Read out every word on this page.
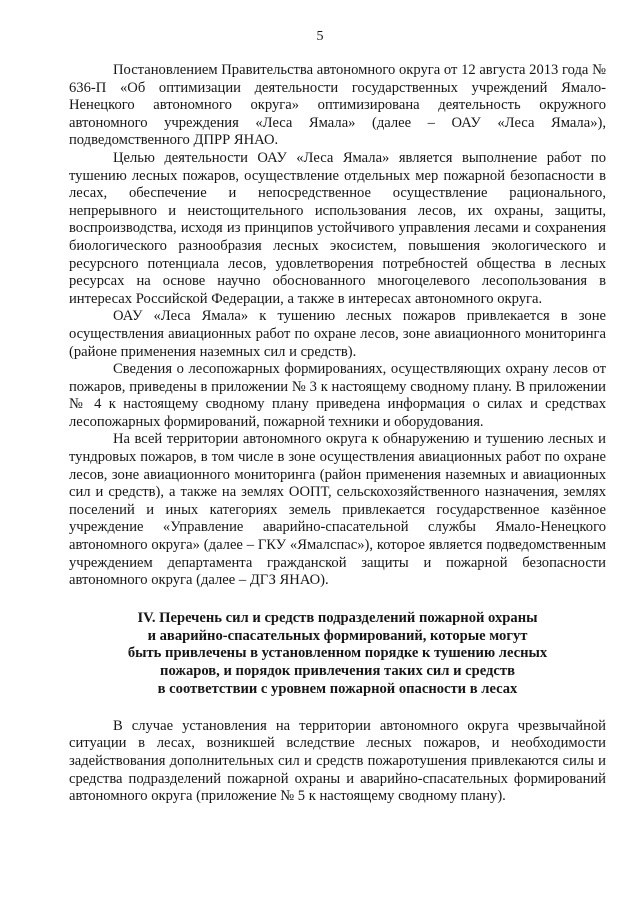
5

Постановлением Правительства автономного округа от 12 августа 2013 года № 636-П «Об оптимизации деятельности государственных учреждений Ямало-Ненецкого автономного округа» оптимизирована деятельность окружного автономного учреждения «Леса Ямала» (далее – ОАУ «Леса Ямала»), подведомственного ДПРР ЯНАО.

Целью деятельности ОАУ «Леса Ямала» является выполнение работ по тушению лесных пожаров, осуществление отдельных мер пожарной безопасности в лесах, обеспечение и непосредственное осуществление рационального, непрерывного и неистощительного использования лесов, их охраны, защиты, воспроизводства, исходя из принципов устойчивого управления лесами и сохранения биологического разнообразия лесных экосистем, повышения экологического и ресурсного потенциала лесов, удовлетворения потребностей общества в лесных ресурсах на основе научно обоснованного многоцелевого лесопользования в интересах Российской Федерации, а также в интересах автономного округа.

ОАУ «Леса Ямала» к тушению лесных пожаров привлекается в зоне осуществления авиационных работ по охране лесов, зоне авиационного мониторинга (районе применения наземных сил и средств).

Сведения о лесопожарных формированиях, осуществляющих охрану лесов от пожаров, приведены в приложении № 3 к настоящему сводному плану. В приложении № 4 к настоящему сводному плану приведена информация о силах и средствах лесопожарных формирований, пожарной техники и оборудования.

На всей территории автономного округа к обнаружению и тушению лесных и тундровых пожаров, в том числе в зоне осуществления авиационных работ по охране лесов, зоне авиационного мониторинга (район применения наземных и авиационных сил и средств), а также на землях ООПТ, сельскохозяйственного назначения, землях поселений и иных категориях земель привлекается государственное казённое учреждение «Управление аварийно-спасательной службы Ямало-Ненецкого автономного округа» (далее – ГКУ «Ямалспас»), которое является подведомственным учреждением департамента гражданской защиты и пожарной безопасности автономного округа (далее – ДГЗ ЯНАО).

IV. Перечень сил и средств подразделений пожарной охраны
и аварийно-спасательных формирований, которые могут
быть привлечены в установленном порядке к тушению лесных
пожаров, и порядок привлечения таких сил и средств
в соответствии с уровнем пожарной опасности в лесах

В случае установления на территории автономного округа чрезвычайной ситуации в лесах, возникшей вследствие лесных пожаров, и необходимости задействования дополнительных сил и средств пожаротушения привлекаются силы и средства подразделений пожарной охраны и аварийно-спасательных формирований автономного округа (приложение № 5 к настоящему сводному плану).
